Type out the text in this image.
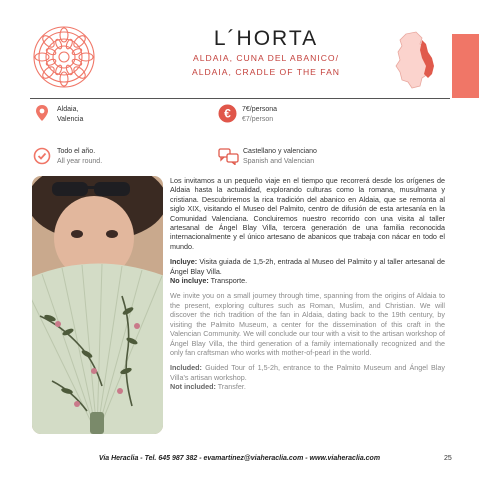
L´HORTA
ALDAIA, CUNA DEL ABANICO/
ALDAIA, CRADLE OF THE FAN
Aldaia,
Valencia	€ 7€/persona
€7/person
Todo el año.
All year round.
Castellano y valenciano
Spanish and Valencian

Los invitamos a un pequeño viaje en el tiempo que recorrerá desde los orígenes de Aldaia hasta la actualidad, explorando culturas como la romana, musulmana y cristiana. Descubriremos la rica tradición del abanico en Aldaia, que se remonta al siglo XIX, visitando el Museo del Palmito, centro de difusión de esta artesanía en la Comunidad Valenciana. Concluiremos nuestro recorrido con una visita al taller artesanal de Ángel Blay Villa, tercera generación de una familia reconocida internacionalmente y el único artesano de abanicos que trabaja con nácar en todo el mundo.

Incluye: Visita guiada de 1,5-2h, entrada al Museo del Palmito y al taller artesanal de Ángel Blay Villa.

No incluye: Transporte.

We invite you on a small journey through time, spanning from the origins of Aldaia to the present, exploring cultures such as Roman, Muslim, and Christian. We will discover the rich tradition of the fan in Aldaia, dating back to the 19th century, by visiting the Palmito Museum, a center for the dissemination of this craft in the Valencian Community. We will conclude our tour with a visit to the artisan workshop of Ángel Blay Villa, the third generation of a family internationally recognized and the only fan craftsman who works with mother-of-pearl in the world.

Included: Guided Tour of 1,5-2h, entrance to the Palmito Museum and Ángel Blay Villa's artisan workshop.

Not included: Transfer.

Via Heraclia - Tel. 645 987 382 - evamartinez@viaheraclia.com - www.viaheraclia.com	25
